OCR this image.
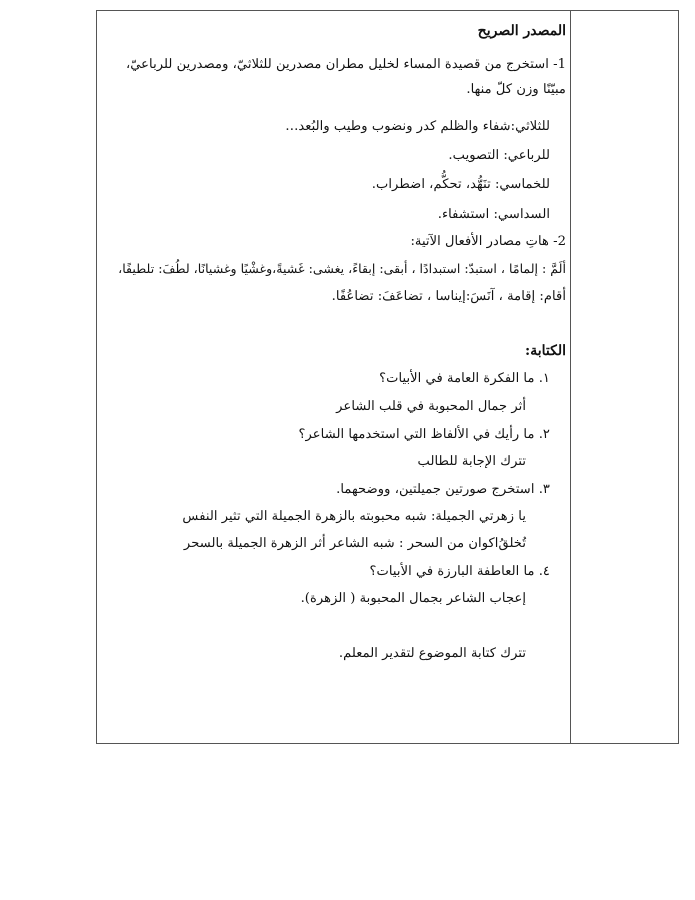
المصدر الصريح
1- استخرج من قصيدة المساء لخليل مطران مصدرين للثلاثيّ، ومصدرين للرباعيّ، مبيّنًا وزن كلّ منها.
للثلاثي:شفاء والظلم كدر ونضوب وطيب والبُعد…
للرباعي: التصويب.
للخماسي: تنَهُّد، تحكُّم، اضطراب.
السداسي: استشفاء.
2- هاتِ مصادر الأفعال الآتية:
ألَمَّ : إلمامًا ، استبدّ: استبدادًا ، أبقى: إبقاءً، يغشى: غَشيةً،وغشْيًا وغشيانًا، لطُفَ: تلطيفًا،
أقام: إقامة ، آنَسَ:إيناسا ، تضاعَفَ: تضاعُفًا.
الكتابة:
١. ما الفكرة العامة في الأبيات؟
أثر جمال المحبوبة في قلب الشاعر
٢. ما رأيك في الألفاظ التي استخدمها الشاعر؟
تترك الإجابة للطالب
٣. استخرج صورتين جميلتين، ووضحهما.
يا زهرتي الجميلة: شبه محبوبته بالزهرة الجميلة التي تثير النفس
تُخلقُ‌اكوان من السحر : شبه الشاعر أثر الزهرة الجميلة بالسحر
٤. ما العاطفة البارزة في الأبيات؟
إعجاب الشاعر بجمال المحبوبة ( الزهرة).
تترك كتابة الموضوع لتقدير المعلم.
